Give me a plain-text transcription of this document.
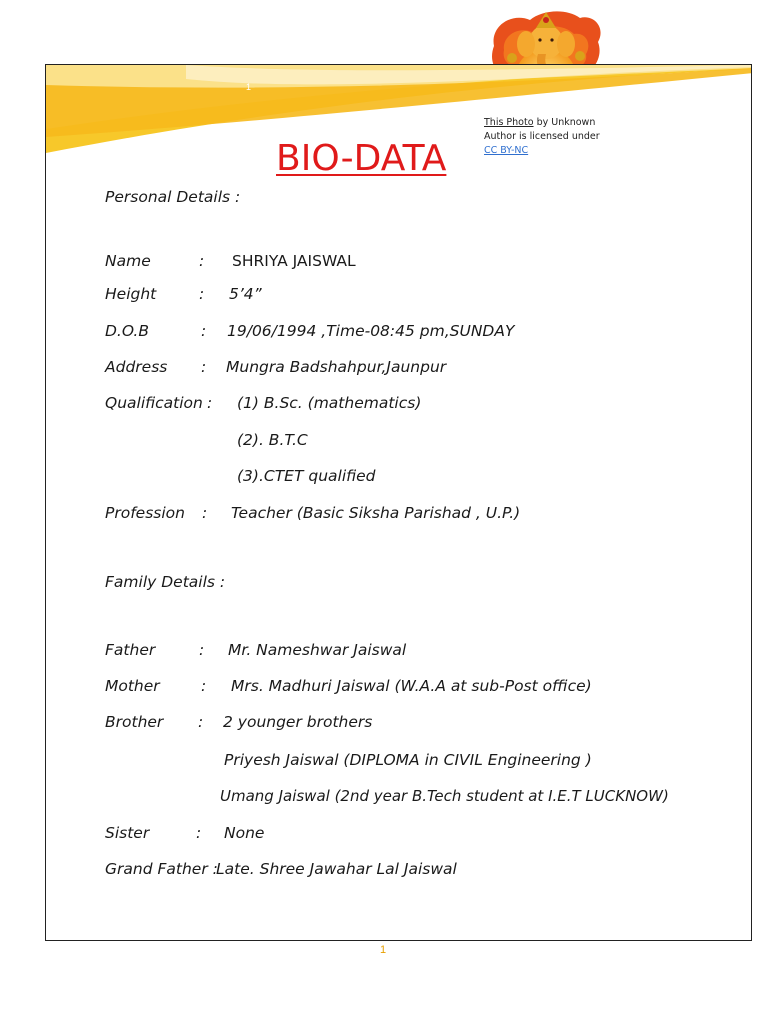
1
This Photo by Unknown Author is licensed under
CC BY-NC
BIO-DATA
Personal Details :
Name	: SHRIYA JAISWAL
Height	: 5’4”
D.O.B	: 19/06/1994 ,Time-08:45 pm,SUNDAY
Address : Mungra Badshahpur,Jaunpur
Qualification : (1) B.Sc. (mathematics)
(2). B.T.C
(3).CTET qualified
Profession : Teacher (Basic Siksha Parishad , U.P.)
Family Details :
Father	: Mr. Nameshwar Jaiswal
Mother	: Mrs. Madhuri Jaiswal (W.A.A at sub-Post office)
Brother : 2 younger brothers
Priyesh Jaiswal (DIPLOMA in CIVIL Engineering )
Umang Jaiswal (2nd year B.Tech student at I.E.T LUCKNOW)
Sister	: None
Grand Father :
Late. Shree Jawahar Lal Jaiswal
1
